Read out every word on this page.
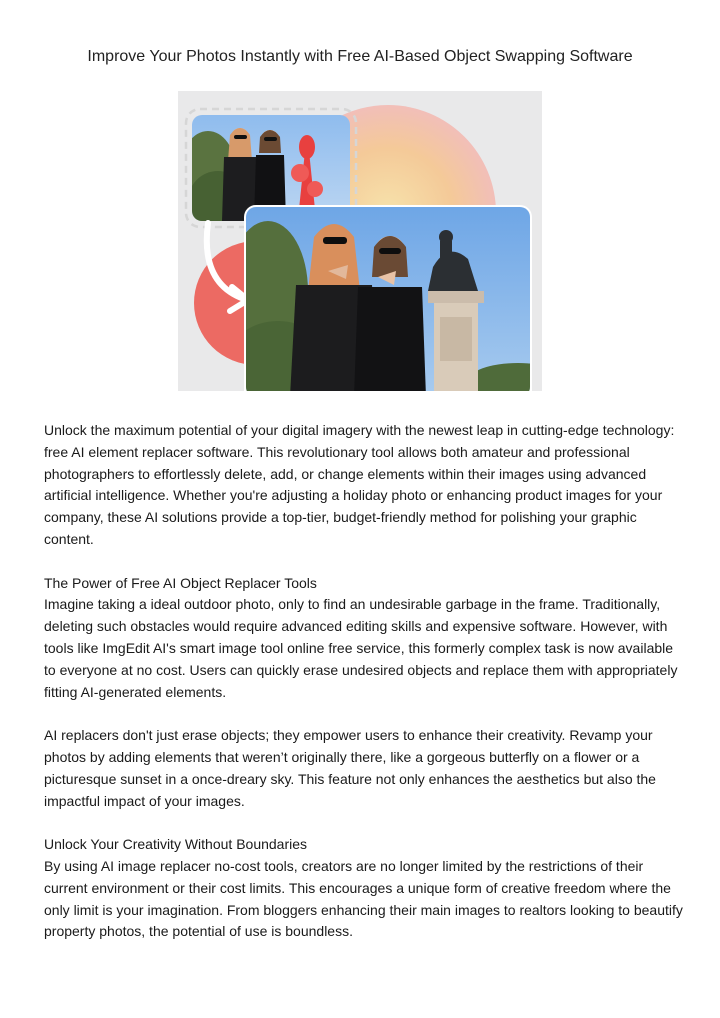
Improve Your Photos Instantly with Free AI-Based Object Swapping Software

Unlock the maximum potential of your digital imagery with the newest leap in cutting-edge technology: free AI element replacer software. This revolutionary tool allows both amateur and professional photographers to effortlessly delete, add, or change elements within their images using advanced artificial intelligence. Whether you're adjusting a holiday photo or enhancing product images for your company, these AI solutions provide a top-tier, budget-friendly method for polishing your graphic content.

The Power of Free AI Object Replacer Tools
Imagine taking a ideal outdoor photo, only to find an undesirable garbage in the frame. Traditionally, deleting such obstacles would require advanced editing skills and expensive software. However, with tools like ImgEdit AI's smart image tool online free service, this formerly complex task is now available to everyone at no cost. Users can quickly erase undesired objects and replace them with appropriately fitting AI-generated elements.

AI replacers don't just erase objects; they empower users to enhance their creativity. Revamp your photos by adding elements that weren’t originally there, like a gorgeous butterfly on a flower or a picturesque sunset in a once-dreary sky. This feature not only enhances the aesthetics but also the impactful impact of your images.

Unlock Your Creativity Without Boundaries
By using AI image replacer no-cost tools, creators are no longer limited by the restrictions of their current environment or their cost limits. This encourages a unique form of creative freedom where the only limit is your imagination. From bloggers enhancing their main images to realtors looking to beautify property photos, the potential of use is boundless.
